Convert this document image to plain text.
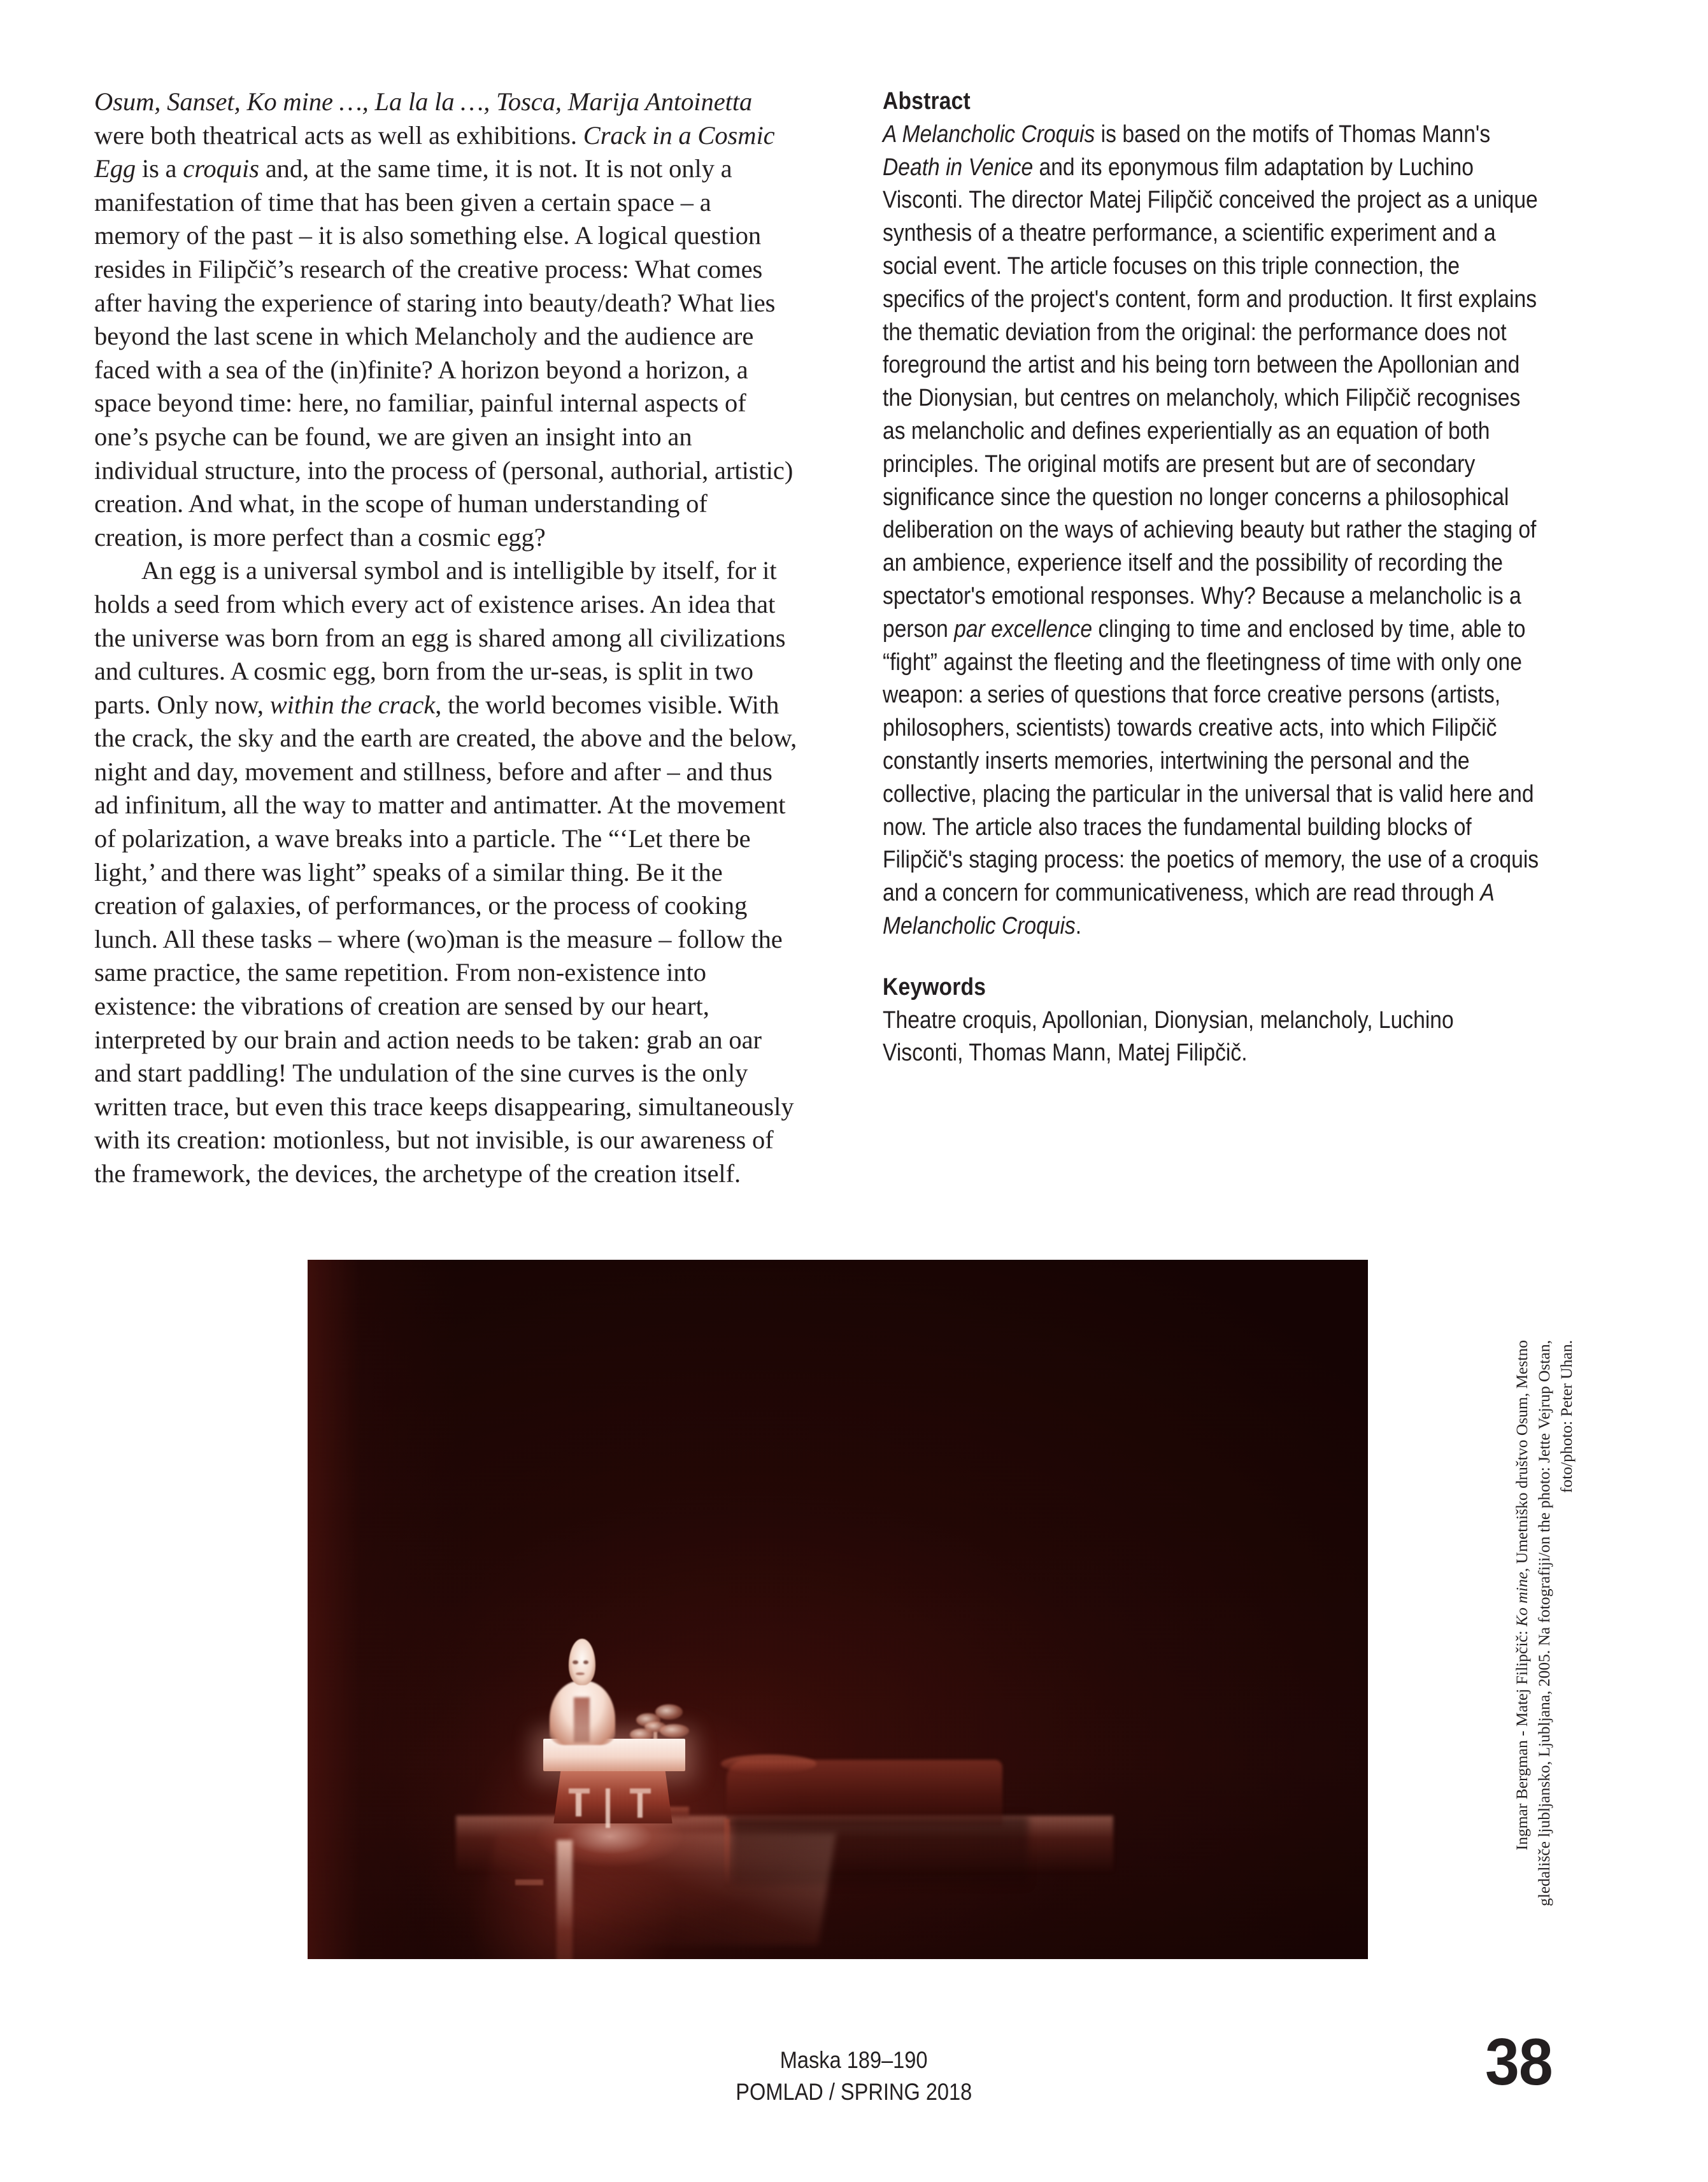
Osum, Sanset, Ko mine …, La la la …, Tosca, Marija Antoinetta were both theatrical acts as well as exhibitions. Crack in a Cosmic Egg is a croquis and, at the same time, it is not. It is not only a manifestation of time that has been given a certain space – a memory of the past – it is also something else. A logical question resides in Filipčič’s research of the creative process: What comes after having the experience of staring into beauty/death? What lies beyond the last scene in which Melancholy and the audience are faced with a sea of the (in)finite? A horizon beyond a horizon, a space beyond time: here, no familiar, painful internal aspects of one’s psyche can be found, we are given an insight into an individual structure, into the process of (personal, authorial, artistic) creation. And what, in the scope of human understanding of creation, is more perfect than a cosmic egg?

An egg is a universal symbol and is intelligible by itself, for it holds a seed from which every act of existence arises. An idea that the universe was born from an egg is shared among all civilizations and cultures. A cosmic egg, born from the ur-seas, is split in two parts. Only now, within the crack, the world becomes visible. With the crack, the sky and the earth are created, the above and the below, night and day, movement and stillness, before and after – and thus ad infinitum, all the way to matter and antimatter. At the movement of polarization, a wave breaks into a particle. The “‘Let there be light,’ and there was light” speaks of a similar thing. Be it the creation of galaxies, of performances, or the process of cooking lunch. All these tasks – where (wo)man is the measure – follow the same practice, the same repetition. From non-existence into existence: the vibrations of creation are sensed by our heart, interpreted by our brain and action needs to be taken: grab an oar and start paddling! The undulation of the sine curves is the only written trace, but even this trace keeps disappearing, simultaneously with its creation: motionless, but not invisible, is our awareness of the framework, the devices, the archetype of the creation itself.

Abstract

A Melancholic Croquis is based on the motifs of Thomas Mann's Death in Venice and its eponymous film adaptation by Luchino Visconti. The director Matej Filipčič conceived the project as a unique synthesis of a theatre performance, a scientific experiment and a social event. The article focuses on this triple connection, the specifics of the project's content, form and production. It first explains the thematic deviation from the original: the performance does not foreground the artist and his being torn between the Apollonian and the Dionysian, but centres on melancholy, which Filipčič recognises as melancholic and defines experientially as an equation of both principles. The original motifs are present but are of secondary significance since the question no longer concerns a philosophical deliberation on the ways of achieving beauty but rather the staging of an ambience, experience itself and the possibility of recording the spectator's emotional responses. Why? Because a melancholic is a person par excellence clinging to time and enclosed by time, able to “fight” against the fleeting and the fleetingness of time with only one weapon: a series of questions that force creative persons (artists, philosophers, scientists) towards creative acts, into which Filipčič constantly inserts memories, intertwining the personal and the collective, placing the particular in the universal that is valid here and now. The article also traces the fundamental building blocks of Filipčič's staging process: the poetics of memory, the use of a croquis and a concern for communicativeness, which are read through A Melancholic Croquis.

Keywords

Theatre croquis, Apollonian, Dionysian, melancholy, Luchino Visconti, Thomas Mann, Matej Filipčič.

Ingmar Bergman - Matej Filipčič: Ko mine, Umetniško društvo Osum, Mestno gledališče ljubljansko, Ljubljana, 2005. Na fotografiji/on the photo: Jette Vejrup Ostan, foto/photo: Peter Uhan.
Maska 189–190
POMLAD / SPRING 2018	38
